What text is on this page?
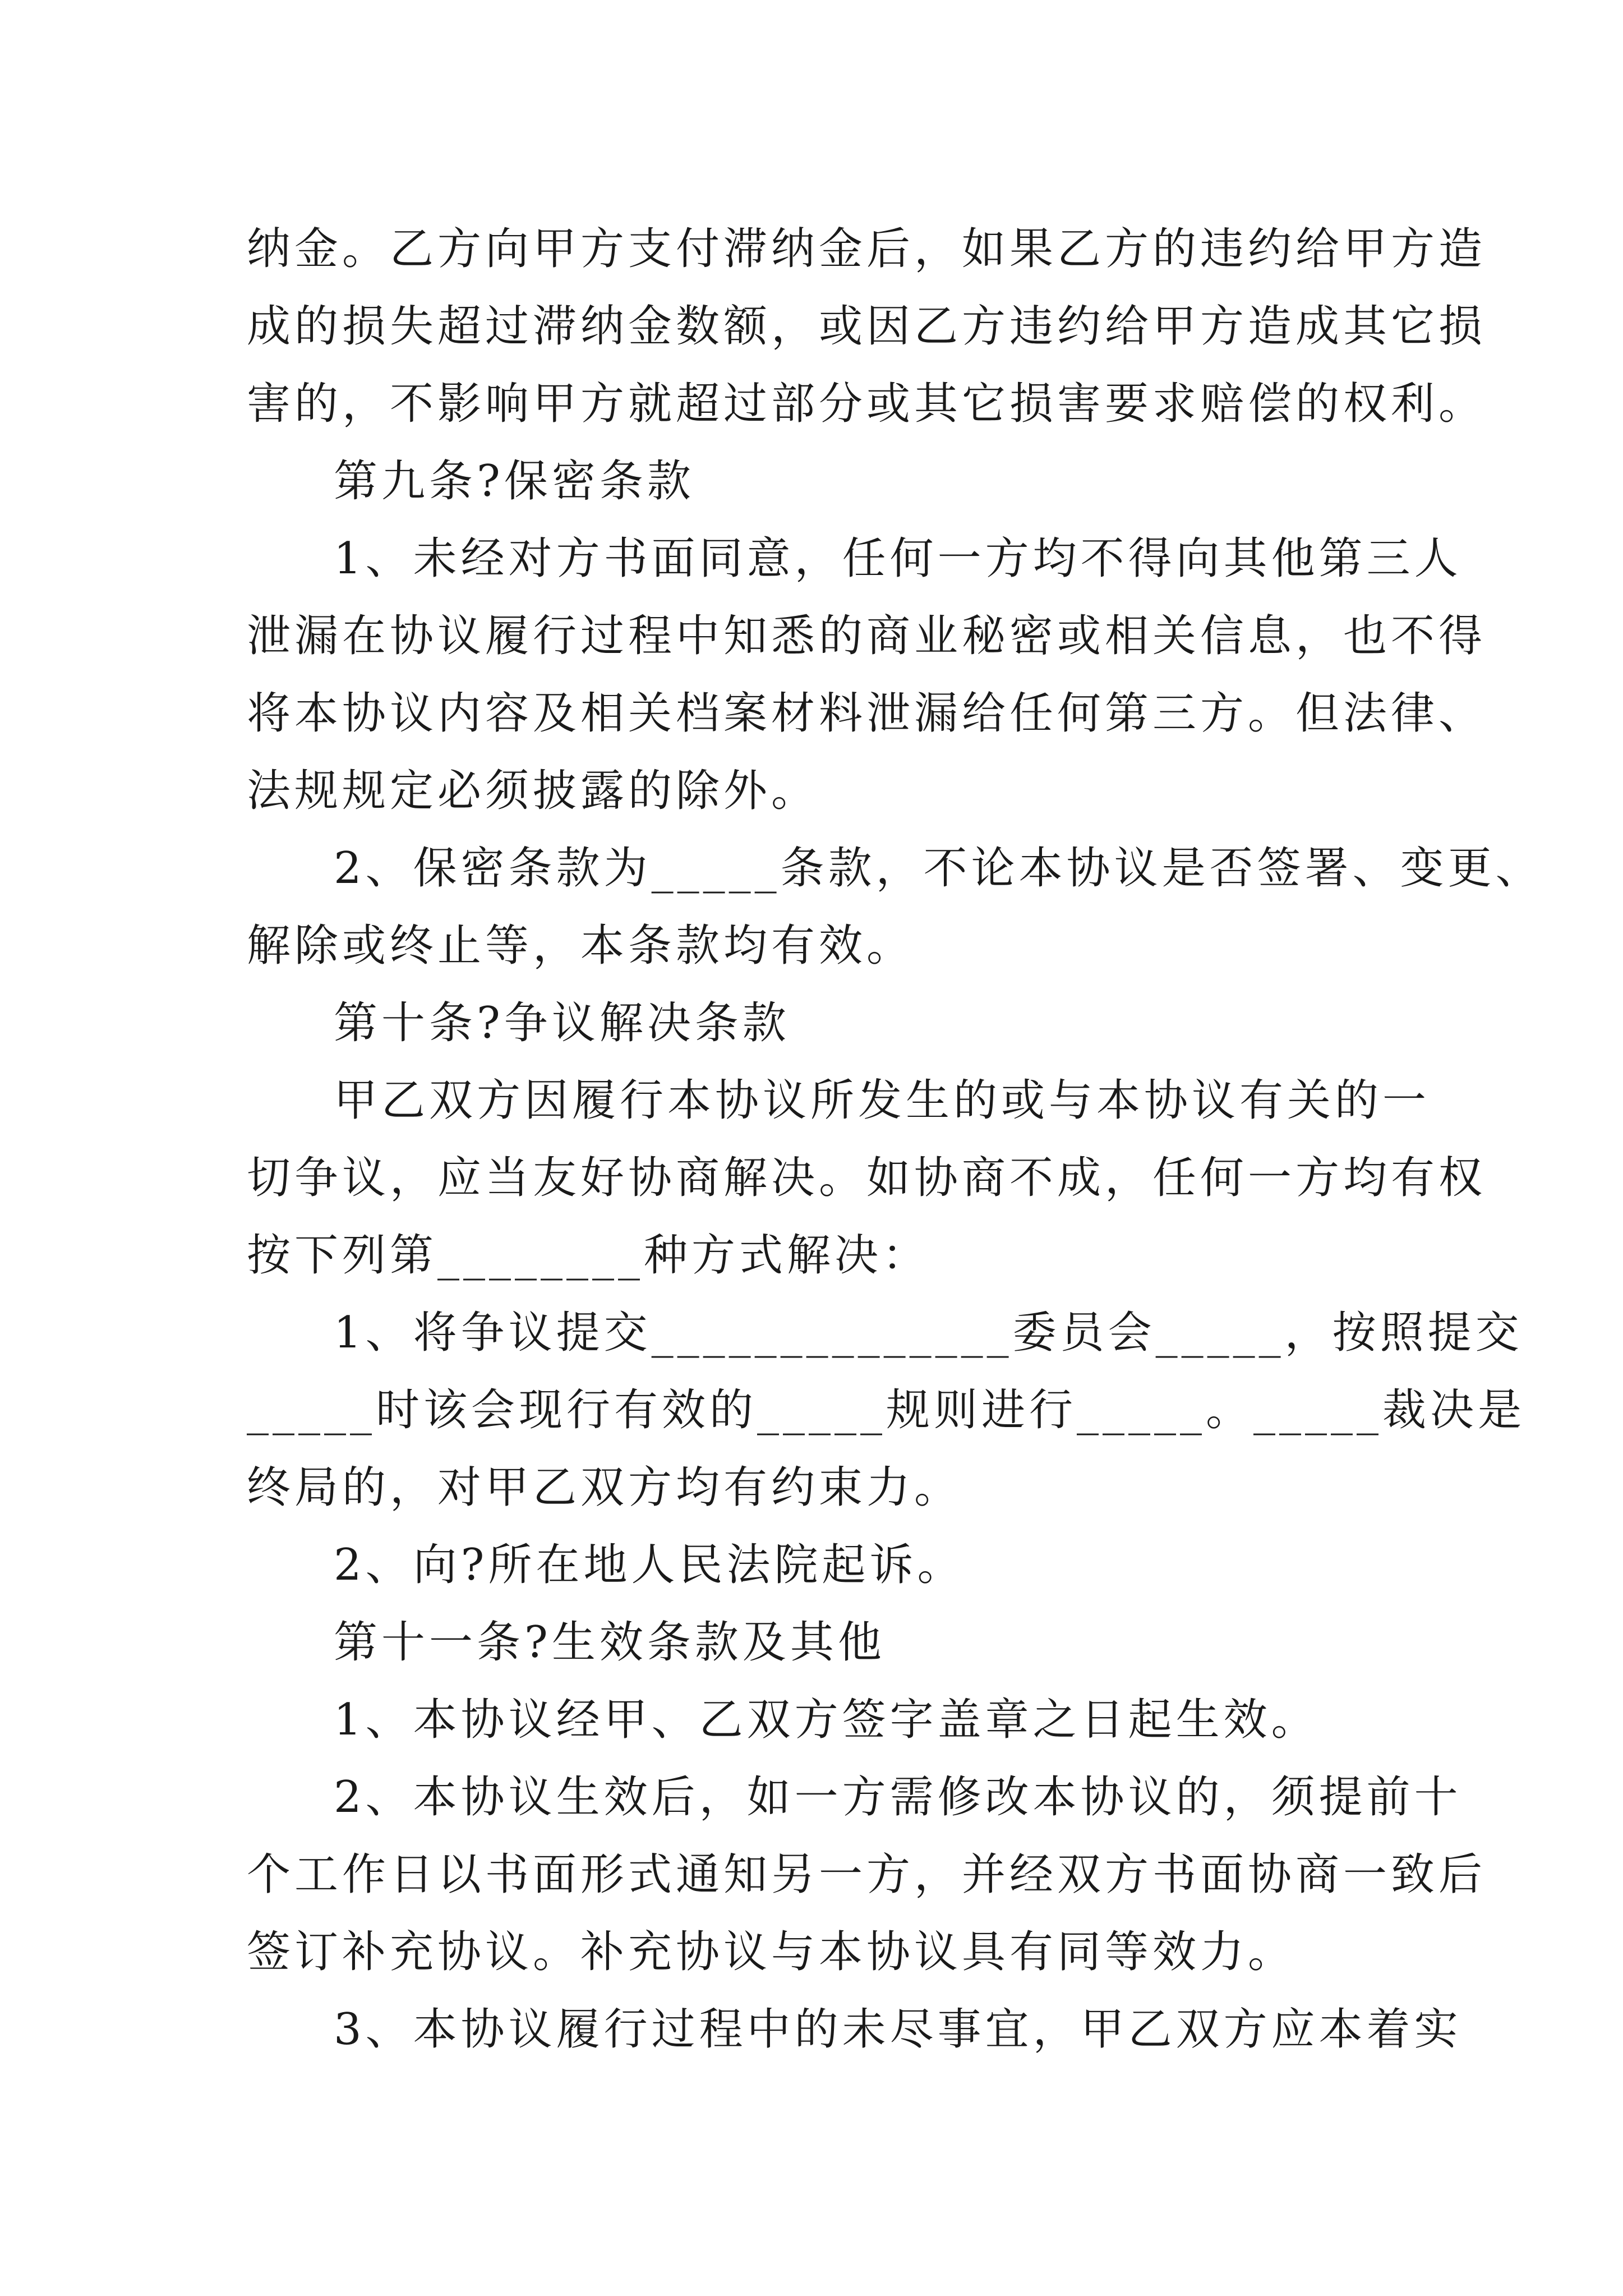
纳金。乙方向甲方支付滞纳金后，如果乙方的违约给甲方造
成的损失超过滞纳金数额，或因乙方违约给甲方造成其它损
害的，不影响甲方就超过部分或其它损害要求赔偿的权利。
第九条?保密条款
1、未经对方书面同意，任何一方均不得向其他第三人
泄漏在协议履行过程中知悉的商业秘密或相关信息，也不得
将本协议内容及相关档案材料泄漏给任何第三方。但法律、
法规规定必须披露的除外。
2、保密条款为_____条款，不论本协议是否签署、变更、
解除或终止等，本条款均有效。
第十条?争议解决条款
甲乙双方因履行本协议所发生的或与本协议有关的一
切争议，应当友好协商解决。如协商不成，任何一方均有权
按下列第________种方式解决：
1、将争议提交______________委员会_____，按照提交
_____时该会现行有效的_____规则进行_____。_____裁决是
终局的，对甲乙双方均有约束力。
2、向?所在地人民法院起诉。
第十一条?生效条款及其他
1、本协议经甲、乙双方签字盖章之日起生效。
2、本协议生效后，如一方需修改本协议的，须提前十
个工作日以书面形式通知另一方，并经双方书面协商一致后
签订补充协议。补充协议与本协议具有同等效力。
3、本协议履行过程中的未尽事宜，甲乙双方应本着实
